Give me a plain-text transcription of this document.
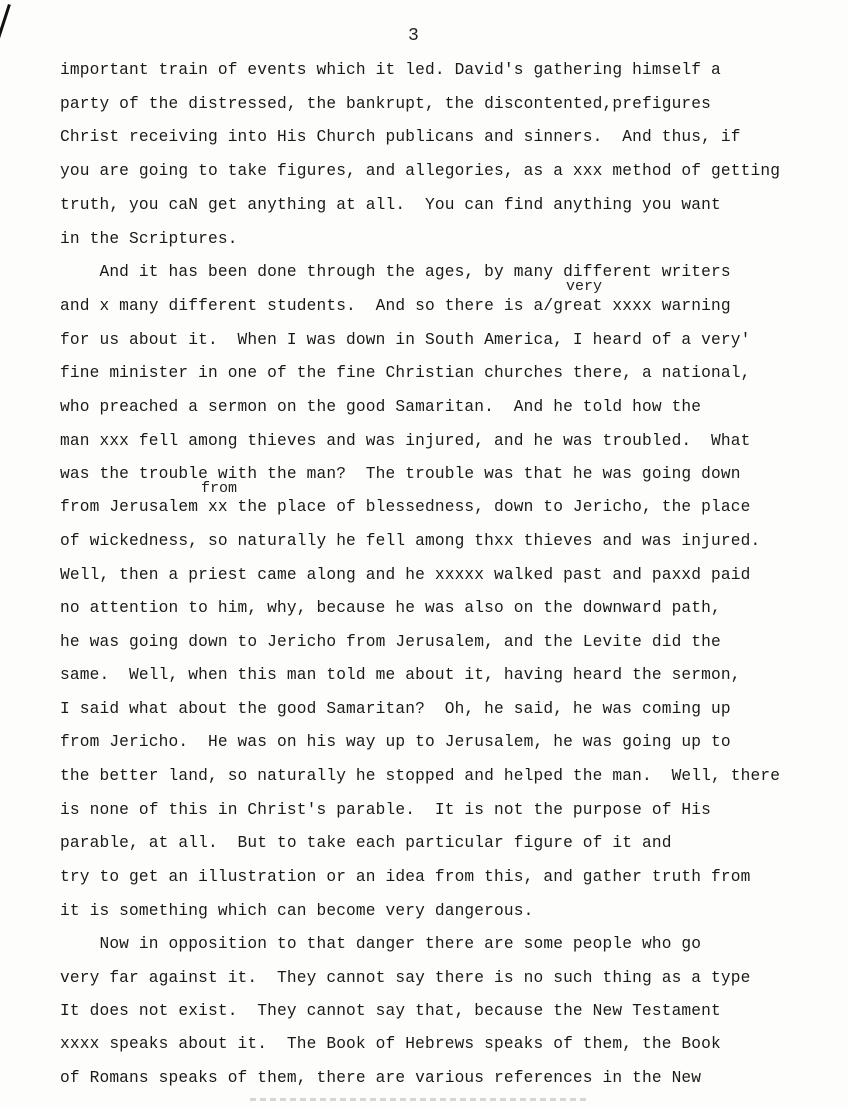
3
important train of events which it led. David's gathering himself a
party of the distressed, the bankrupt, the discontented,prefigures
Christ receiving into His Church publicans and sinners.  And thus, if
you are going to take figures, and allegories, as a xxx method of getting
truth, you caN get anything at all.  You can find anything you want
in the Scriptures.
And it has been done through the ages, by many different writers
and x many different students.  And so there is a/great xxxx warning
for us about it.  When I was down in South America, I heard of a very'
fine minister in one of the fine Christian churches there, a national,
who preached a sermon on the good Samaritan.  And he told how the
man xxx fell among thieves and was injured, and he was troubled.  What
was the trouble with the man?  The trouble was that he was going down
from Jerusalem xx the place of blessedness, down to Jericho, the place
of wickedness, so naturally he fell among thxx thieves and was injured.
Well, then a priest came along and he xxxxx walked past and paxxd paid
no attention to him, why, because he was also on the downward path,
he was going down to Jericho from Jerusalem, and the Levite did the
same.  Well, when this man told me about it, having heard the sermon,
I said what about the good Samaritan?  Oh, he said, he was coming up
from Jericho.  He was on his way up to Jerusalem, he was going up to
the better land, so naturally he stopped and helped the man.  Well, there
is none of this in Christ's parable.  It is not the purpose of His
parable, at all.  But to take each particular figure of it and
try to get an illustration or an idea from this, and gather truth from
it is something which can become very dangerous.
Now in opposition to that danger there are some people who go
very far against it.  They cannot say there is no such thing as a type
It does not exist.  They cannot say that, because the New Testament
xxxx speaks about it.  The Book of Hebrews speaks of them, the Book
of Romans speaks of them, there are various references in the New
very
from
